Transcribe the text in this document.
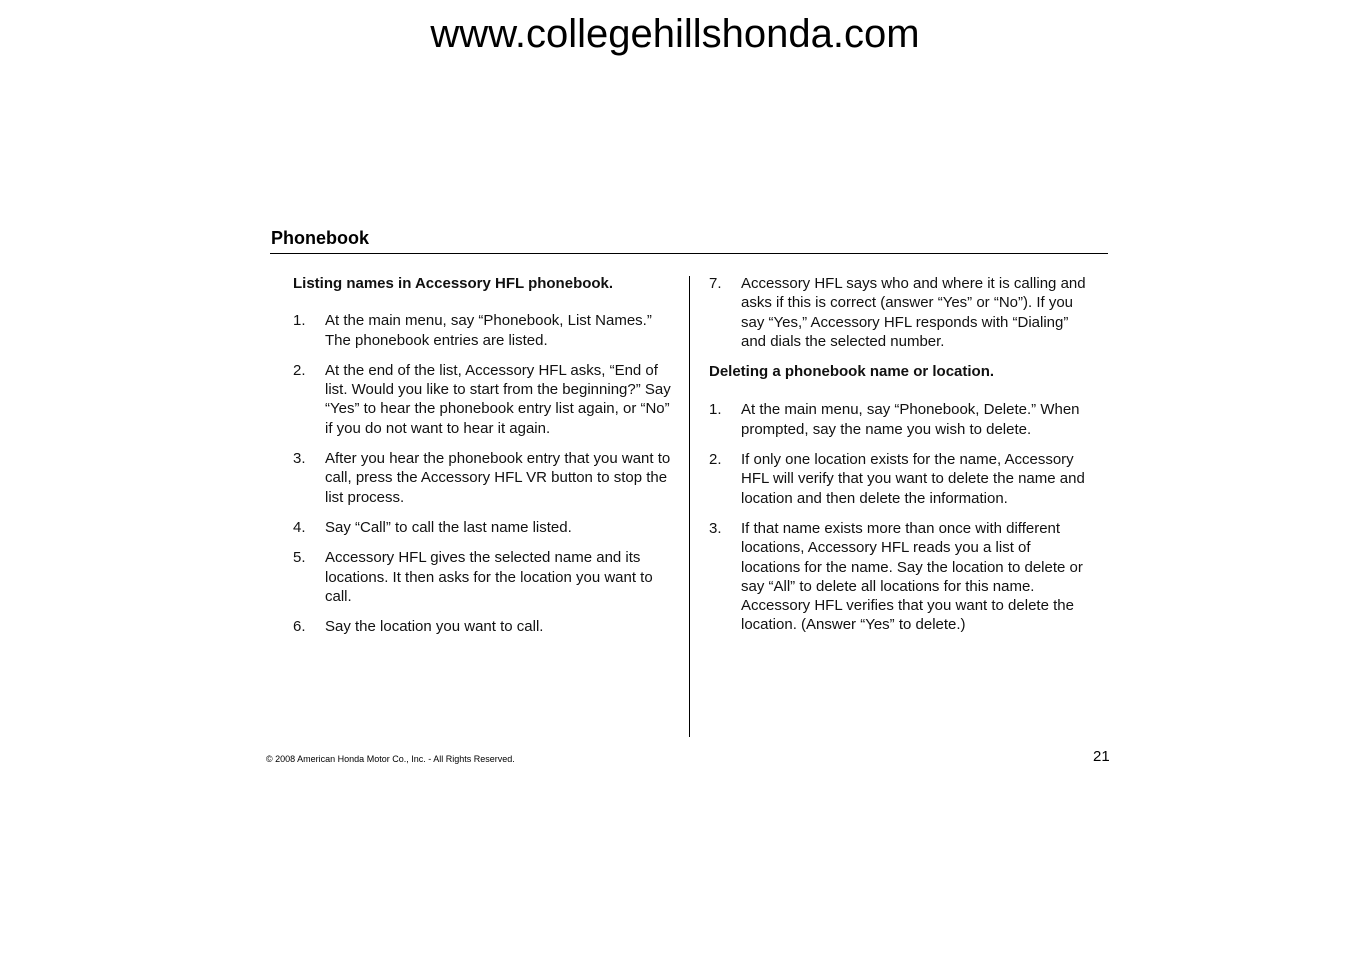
www.collegehillshonda.com
Phonebook

Listing names in Accessory HFL phonebook.

1.	At the main menu, say “Phonebook, List Names.” The phonebook entries are listed.
2.	At the end of the list, Accessory HFL asks, “End of list. Would you like to start from the beginning?” Say “Yes” to hear the phonebook entry list again, or “No” if you do not want to hear it again.
3.	After you hear the phonebook entry that you want to call, press the Accessory HFL VR button to stop the list process.
4.	Say “Call” to call the last name listed.
5.	Accessory HFL gives the selected name and its locations. It then asks for the location you want to call.
6.	Say the location you want to call.
7.	Accessory HFL says who and where it is calling and asks if this is correct (answer “Yes” or “No”). If you say “Yes,” Accessory HFL responds with “Dialing” and dials the selected number.

Deleting a phonebook name or location.

1.	At the main menu, say “Phonebook, Delete.” When prompted, say the name you wish to delete.
2.	If only one location exists for the name, Accessory HFL will verify that you want to delete the name and location and then delete the information.
3.	If that name exists more than once with different locations, Accessory HFL reads you a list of locations for the name. Say the location to delete or say “All” to delete all locations for this name. Accessory HFL verifies that you want to delete the location. (Answer “Yes” to delete.)
© 2008 American Honda Motor Co., Inc. - All Rights Reserved.	21
